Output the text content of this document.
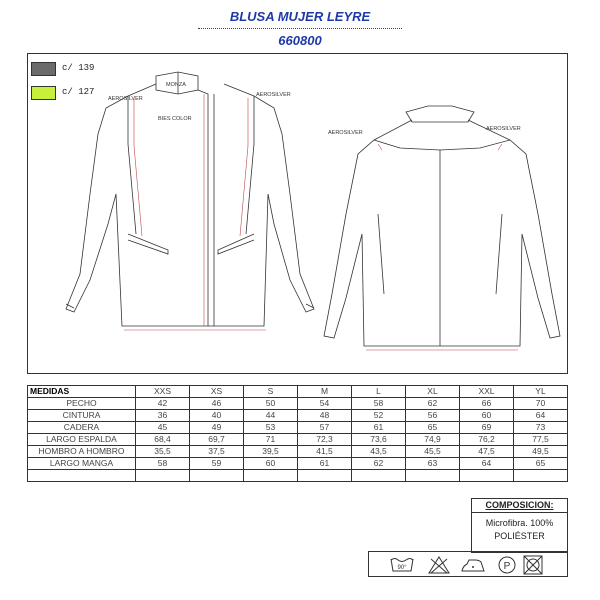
BLUSA MUJER LEYRE
660800
c/ 139
c/ 127
AEROSILVER
AEROSILVER
BIES COLOR
MONZA
AEROSILVER
AEROSILVER
MEDIDAS	XXS	XS	S	M	L	XL	XXL	YL
PECHO	42	46	50	54	58	62	66	70
CINTURA	36	40	44	48	52	56	60	64
CADERA	45	49	53	57	61	65	69	73
LARGO ESPALDA	68,4	69,7	71	72,3	73,6	74,9	76,2	77,5
HOMBRO A HOMBRO	35,5	37,5	39,5	41,5	43,5	45,5	47,5	49,5
LARGO MANGA	58	59	60	61	62	63	64	65

COMPOSICION:
Microfibra. 100%
POLIÉSTER
90°	P
